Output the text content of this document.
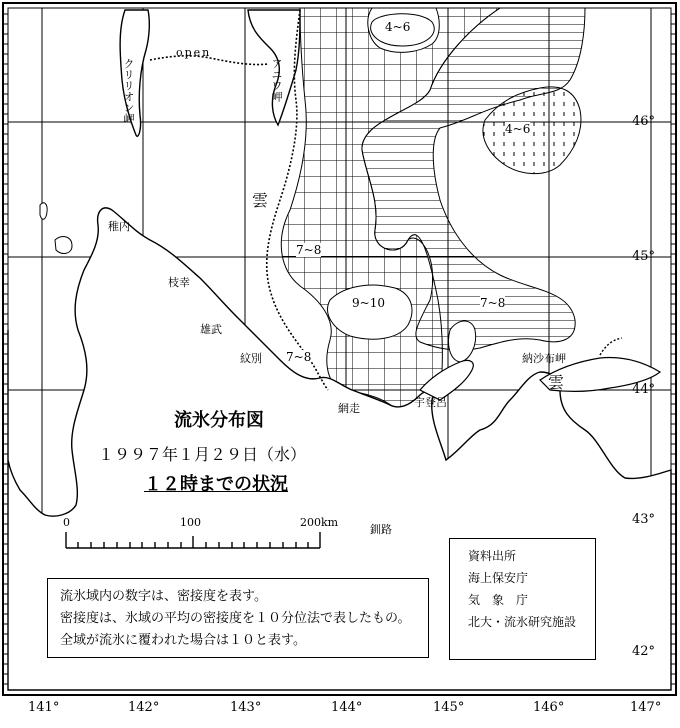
141°	142°	143°	144°	145°	146°	147°
46°
45°
44°
43°
42°
open
クリリオン岬	アニワ岬
雲
雲
4~6
4~6
7~8
9~10	7~8
7~8
稚内
枝幸
雄武
紋別
網走	宇登呂
釧路
納沙布岬
流氷分布図
１９９７年１月２９日（水）
１２時までの状況
0	100	200km
流氷域内の数字は、密接度を表す。
密接度は、氷域の平均の密接度を１０分位法で表したもの。
全域が流氷に覆われた場合は１０と表す。
資料出所
海上保安庁
気　象　庁
北大・流氷研究施設
